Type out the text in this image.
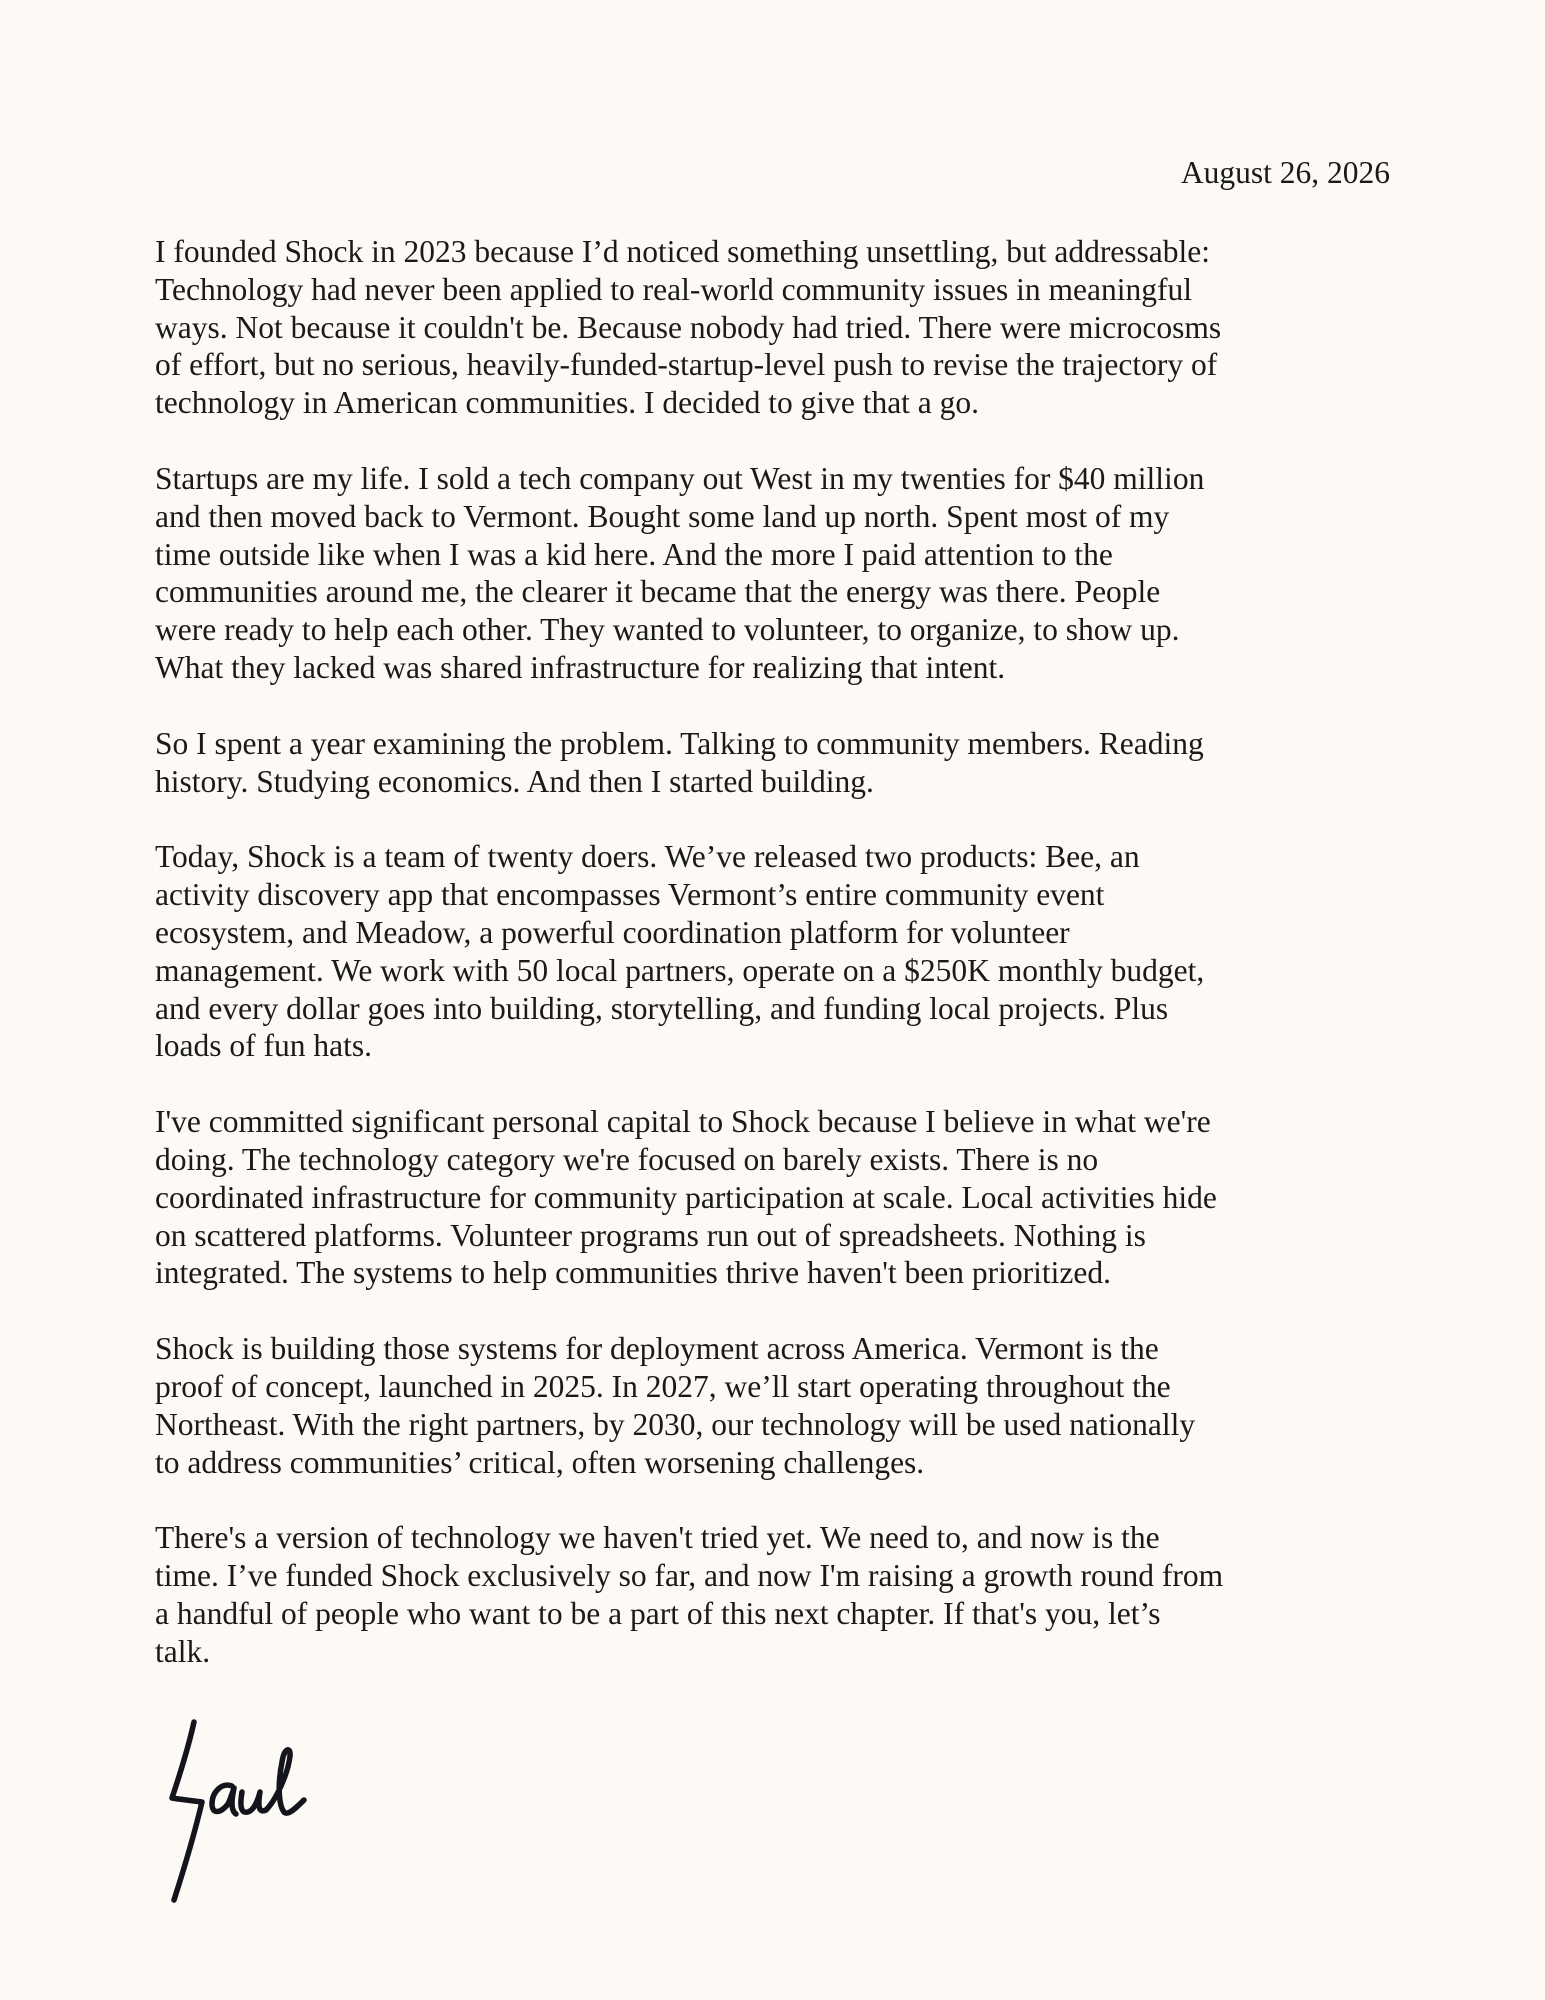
August 26, 2026

I founded Shock in 2023 because I’d noticed something unsettling, but addressable:
Technology had never been applied to real-world community issues in meaningful
ways. Not because it couldn't be. Because nobody had tried. There were microcosms
of effort, but no serious, heavily-funded-startup-level push to revise the trajectory of
technology in American communities. I decided to give that a go.

Startups are my life. I sold a tech company out West in my twenties for $40 million
and then moved back to Vermont. Bought some land up north. Spent most of my
time outside like when I was a kid here. And the more I paid attention to the
communities around me, the clearer it became that the energy was there. People
were ready to help each other. They wanted to volunteer, to organize, to show up.
What they lacked was shared infrastructure for realizing that intent.

So I spent a year examining the problem. Talking to community members. Reading
history. Studying economics. And then I started building.

Today, Shock is a team of twenty doers. We’ve released two products: Bee, an
activity discovery app that encompasses Vermont’s entire community event
ecosystem, and Meadow, a powerful coordination platform for volunteer
management. We work with 50 local partners, operate on a $250K monthly budget,
and every dollar goes into building, storytelling, and funding local projects. Plus
loads of fun hats.

I've committed significant personal capital to Shock because I believe in what we're
doing. The technology category we're focused on barely exists. There is no
coordinated infrastructure for community participation at scale. Local activities hide
on scattered platforms. Volunteer programs run out of spreadsheets. Nothing is
integrated. The systems to help communities thrive haven't been prioritized.

Shock is building those systems for deployment across America. Vermont is the
proof of concept, launched in 2025. In 2027, we’ll start operating throughout the
Northeast. With the right partners, by 2030, our technology will be used nationally
to address communities’ critical, often worsening challenges.

There's a version of technology we haven't tried yet. We need to, and now is the
time. I’ve funded Shock exclusively so far, and now I'm raising a growth round from
a handful of people who want to be a part of this next chapter. If that's you, let’s
talk.
